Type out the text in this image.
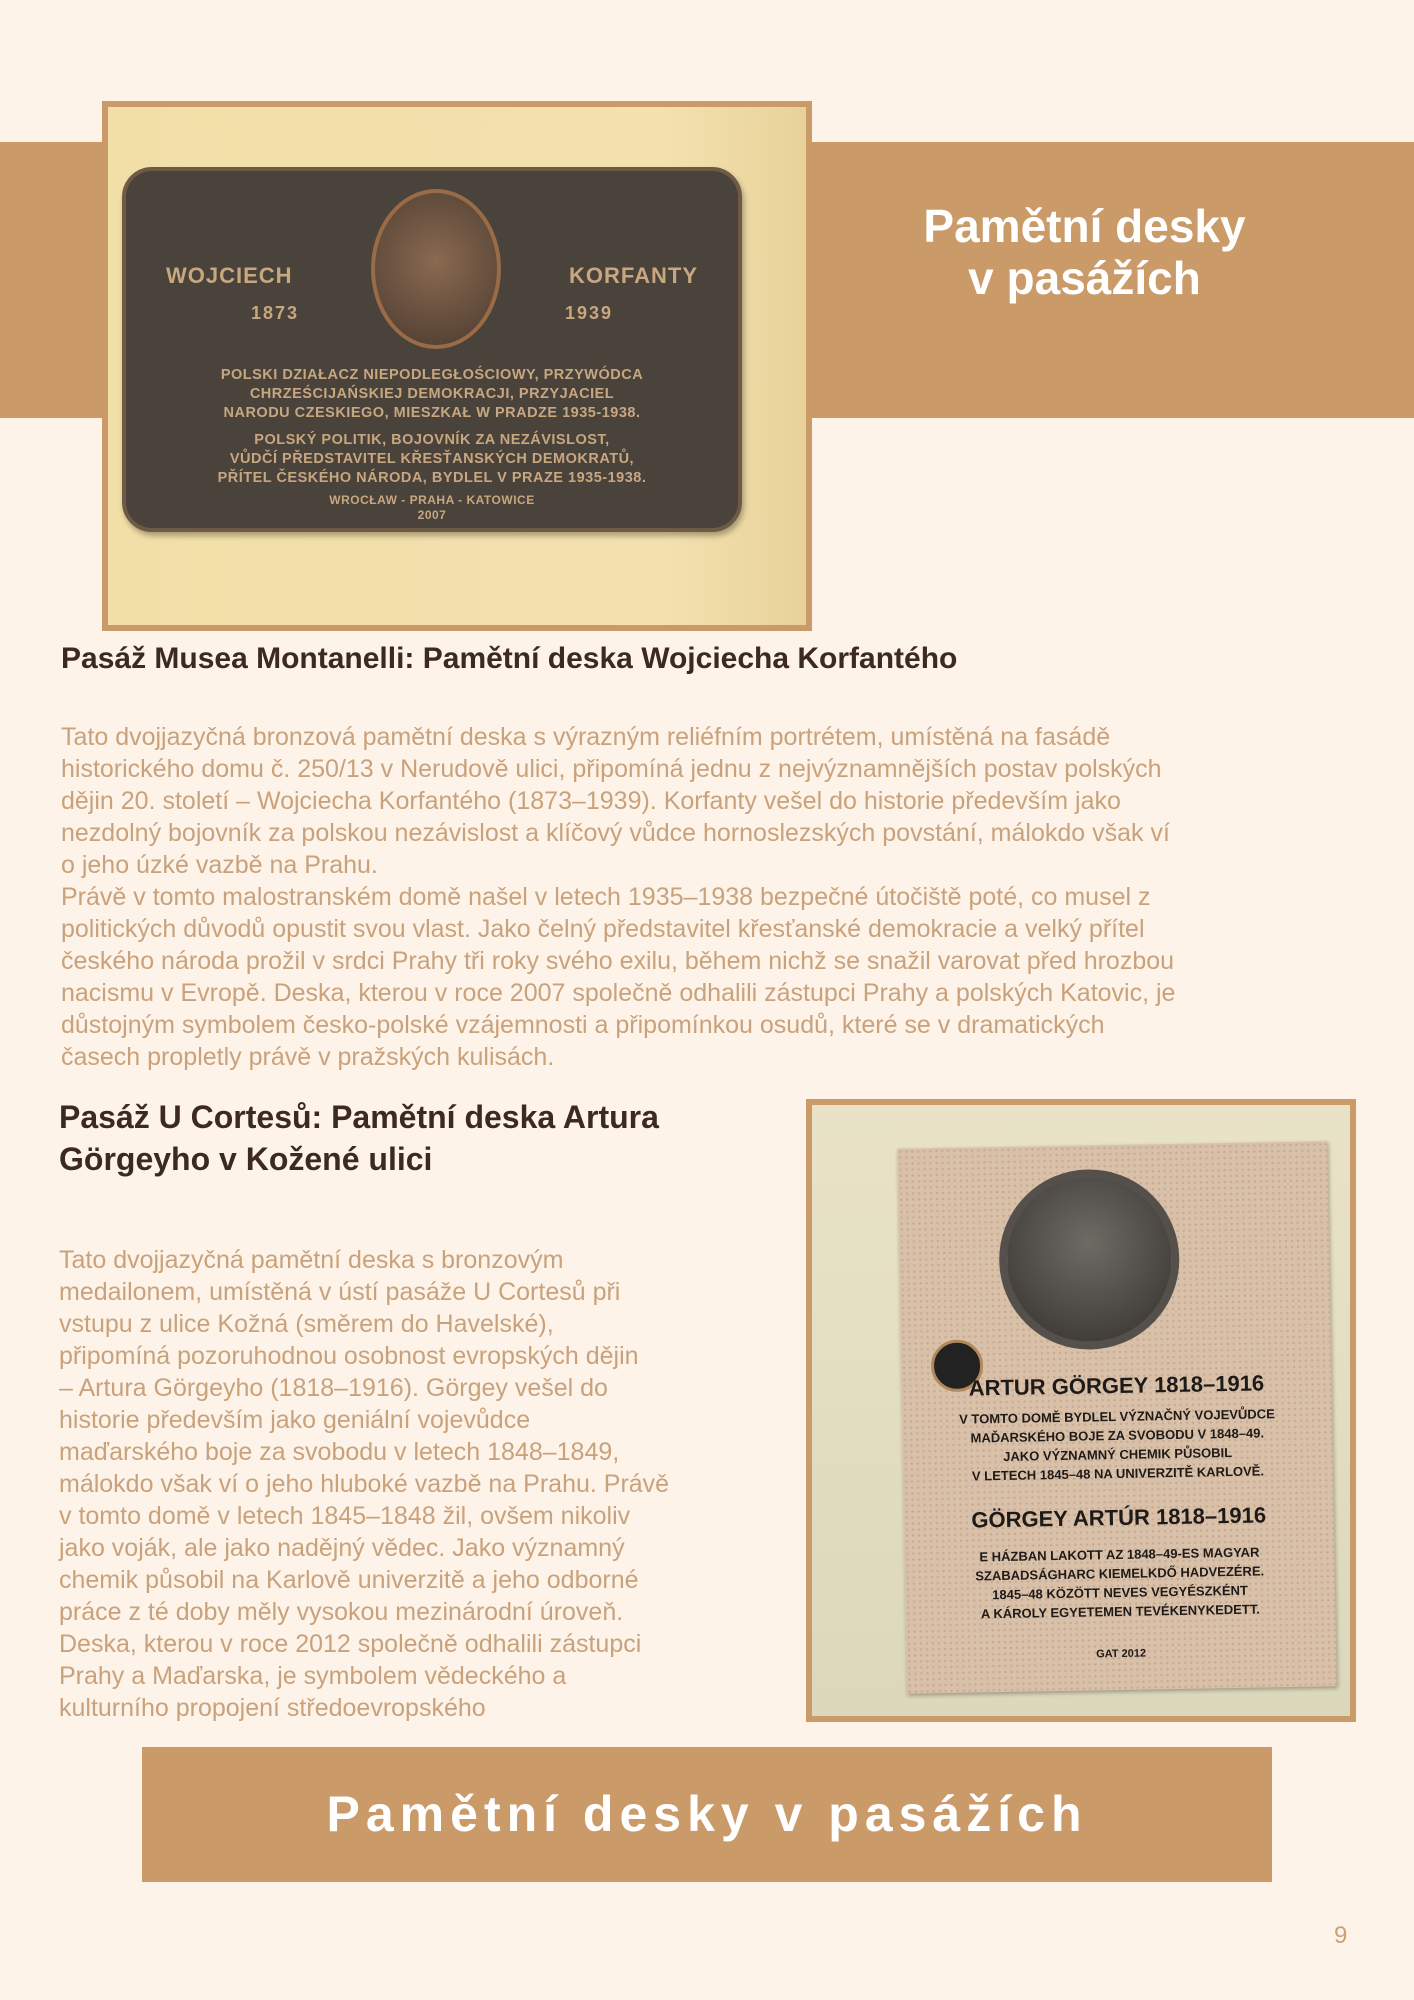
Pamětní desky
v pasážích
WOJCIECH	KORFANTY
1873	1939
POLSKI DZIAŁACZ NIEPODLEGŁOŚCIOWY, PRZYWÓDCA
CHRZEŚCIJAŃSKIEJ DEMOKRACJI, PRZYJACIEL
NARODU CZESKIEGO, MIESZKAŁ W PRADZE 1935-1938.
POLSKÝ POLITIK, BOJOVNÍK ZA NEZÁVISLOST,
VŮDČÍ PŘEDSTAVITEL KŘESŤANSKÝCH DEMOKRATŮ,
PŘÍTEL ČESKÉHO NÁRODA, BYDLEL V PRAZE 1935-1938.
WROCŁAW - PRAHA - KATOWICE
2007
Pasáž Musea Montanelli: Pamětní deska Wojciecha Korfantého
Tato dvojjazyčná bronzová pamětní deska s výrazným reliéfním portrétem, umístěná na fasádě
historického domu č. 250/13 v Nerudově ulici, připomíná jednu z nejvýznamnějších postav polských
dějin 20. století – Wojciecha Korfantého (1873–1939). Korfanty vešel do historie především jako
nezdolný bojovník za polskou nezávislost a klíčový vůdce hornoslezských povstání, málokdo však ví
o jeho úzké vazbě na Prahu.
Právě v tomto malostranském domě našel v letech 1935–1938 bezpečné útočiště poté, co musel z
politických důvodů opustit svou vlast. Jako čelný představitel křesťanské demokracie a velký přítel
českého národa prožil v srdci Prahy tři roky svého exilu, během nichž se snažil varovat před hrozbou
nacismu v Evropě. Deska, kterou v roce 2007 společně odhalili zástupci Prahy a polských Katovic, je
důstojným symbolem česko-polské vzájemnosti a připomínkou osudů, které se v dramatických
časech propletly právě v pražských kulisách.
Pasáž U Cortesů: Pamětní deska Artura
Görgeyho v Kožené ulici
Tato dvojjazyčná pamětní deska s bronzovým
medailonem, umístěná v ústí pasáže U Cortesů při
vstupu z ulice Kožná (směrem do Havelské),
připomíná pozoruhodnou osobnost evropských dějin
– Artura Görgeyho (1818–1916). Görgey vešel do
historie především jako geniální vojevůdce
maďarského boje za svobodu v letech 1848–1849,
málokdo však ví o jeho hluboké vazbě na Prahu. Právě
v tomto domě v letech 1845–1848 žil, ovšem nikoliv
jako voják, ale jako nadějný vědec. Jako významný
chemik působil na Karlově univerzitě a jeho odborné
práce z té doby měly vysokou mezinárodní úroveň.
Deska, kterou v roce 2012 společně odhalili zástupci
Prahy a Maďarska, je symbolem vědeckého a
kulturního propojení středoevropského
ARTUR GÖRGEY 1818–1916
V TOMTO DOMĚ BYDLEL VÝZNAČNÝ VOJEVŮDCE
MAĎARSKÉHO BOJE ZA SVOBODU V 1848–49.
JAKO VÝZNAMNÝ CHEMIK PŮSOBIL
V LETECH 1845–48 NA UNIVERZITĚ KARLOVĚ.
GÖRGEY ARTÚR 1818–1916
E HÁZBAN LAKOTT AZ 1848–49-ES MAGYAR
SZABADSÁGHARC KIEMELKDŐ HADVEZÉRE.
1845–48 KÖZÖTT NEVES VEGYÉSZKÉNT
A KÁROLY EGYETEMEN TEVÉKENYKEDETT.
GAT 2012
Pamětní desky v pasážích
9
